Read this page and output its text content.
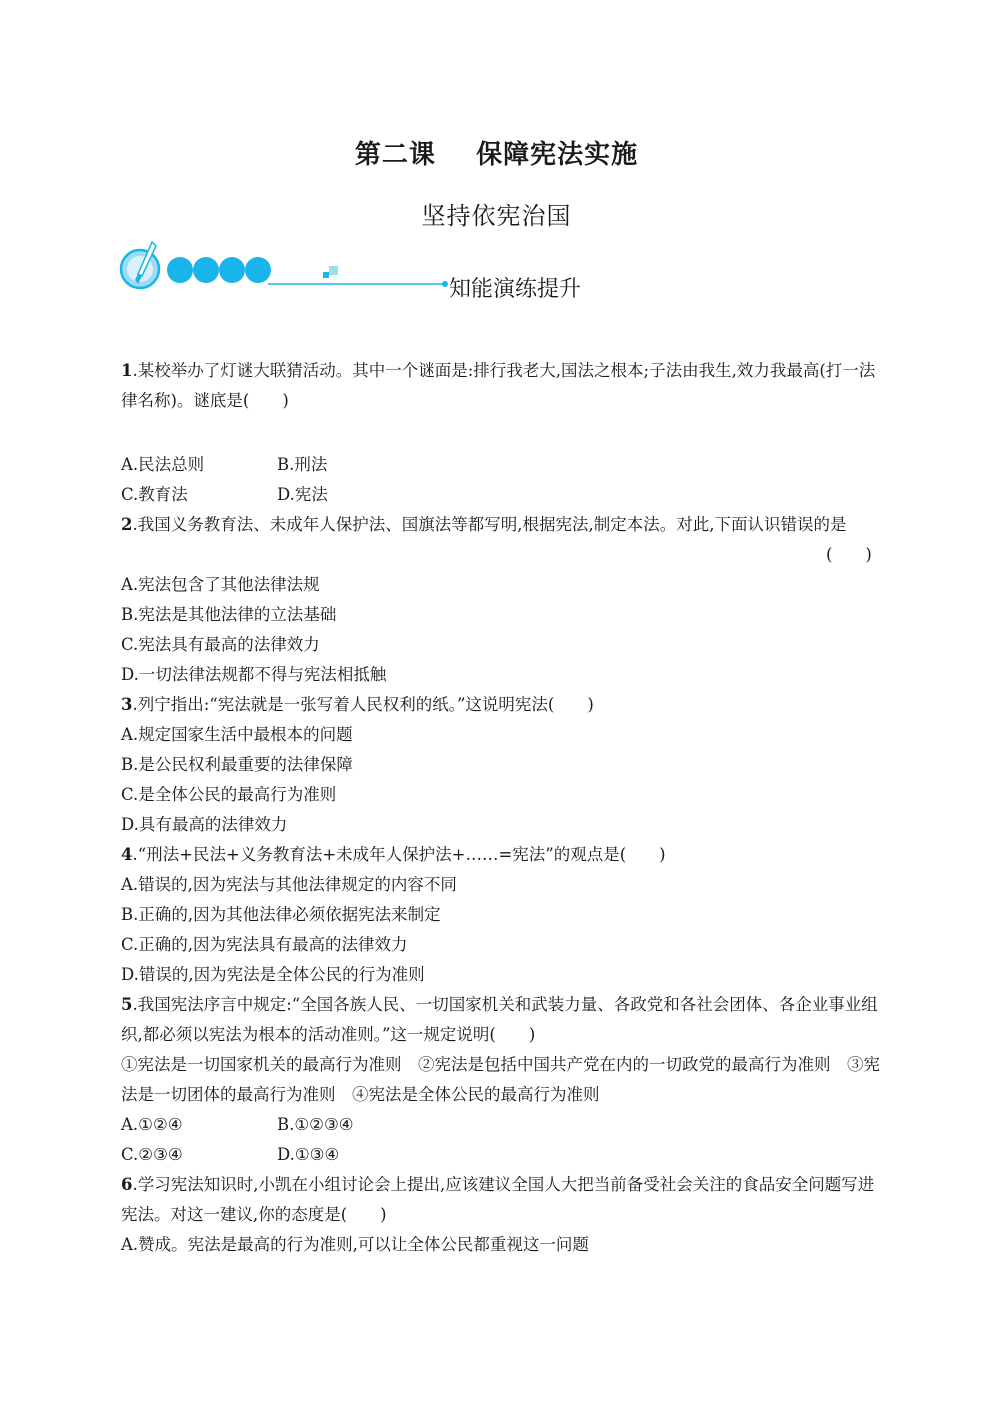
第二课    保障宪法实施
坚持依宪治国
知能演练提升
1.某校举办了灯谜大联猜活动。其中一个谜面是:排行我老大,国法之根本;子法由我生,效力我最高(打一法律名称)。谜底是(　　)
A.民法总则	B.刑法
C.教育法	D.宪法
2.我国义务教育法、未成年人保护法、国旗法等都写明,根据宪法,制定本法。对此,下面认识错误的是
(　　)
A.宪法包含了其他法律法规
B.宪法是其他法律的立法基础
C.宪法具有最高的法律效力
D.一切法律法规都不得与宪法相抵触
3.列宁指出:“宪法就是一张写着人民权利的纸。”这说明宪法(　　)
A.规定国家生活中最根本的问题
B.是公民权利最重要的法律保障
C.是全体公民的最高行为准则
D.具有最高的法律效力
4.“刑法+民法+义务教育法+未成年人保护法+……=宪法”的观点是(　　)
A.错误的,因为宪法与其他法律规定的内容不同
B.正确的,因为其他法律必须依据宪法来制定
C.正确的,因为宪法具有最高的法律效力
D.错误的,因为宪法是全体公民的行为准则
5.我国宪法序言中规定:“全国各族人民、一切国家机关和武装力量、各政党和各社会团体、各企业事业组织,都必须以宪法为根本的活动准则。”这一规定说明(　　)
①宪法是一切国家机关的最高行为准则　②宪法是包括中国共产党在内的一切政党的最高行为准则　③宪法是一切团体的最高行为准则　④宪法是全体公民的最高行为准则
A.①②④	B.①②③④
C.②③④	D.①③④
6.学习宪法知识时,小凯在小组讨论会上提出,应该建议全国人大把当前备受社会关注的食品安全问题写进宪法。对这一建议,你的态度是(　　)
A.赞成。宪法是最高的行为准则,可以让全体公民都重视这一问题
